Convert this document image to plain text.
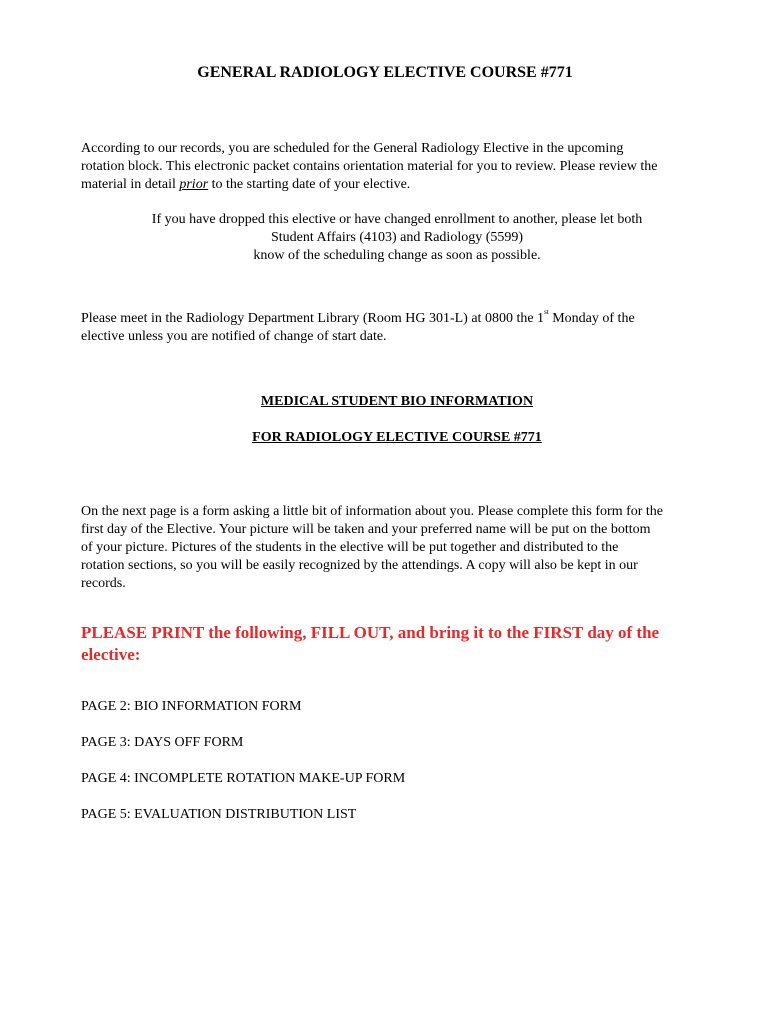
GENERAL RADIOLOGY ELECTIVE COURSE #771
According to our records, you are scheduled for the General Radiology Elective in the upcoming
rotation block. This electronic packet contains orientation material for you to review. Please review the
material in detail prior to the starting date of your elective.
If you have dropped this elective or have changed enrollment to another, please let both
Student Affairs (4103) and Radiology (5599)
know of the scheduling change as soon as possible.
Please meet in the Radiology Department Library (Room HG 301-L) at 0800 the 1st Monday of the
elective unless you are notified of change of start date.
MEDICAL STUDENT BIO INFORMATION
FOR RADIOLOGY ELECTIVE COURSE #771
On the next page is a form asking a little bit of information about you. Please complete this form for the
first day of the Elective. Your picture will be taken and your preferred name will be put on the bottom
of your picture. Pictures of the students in the elective will be put together and distributed to the
rotation sections, so you will be easily recognized by the attendings. A copy will also be kept in our
records.
PLEASE PRINT the following, FILL OUT, and bring it to the FIRST day of the
elective:
PAGE 2: BIO INFORMATION FORM
PAGE 3: DAYS OFF FORM
PAGE 4: INCOMPLETE ROTATION MAKE-UP FORM
PAGE 5: EVALUATION DISTRIBUTION LIST
